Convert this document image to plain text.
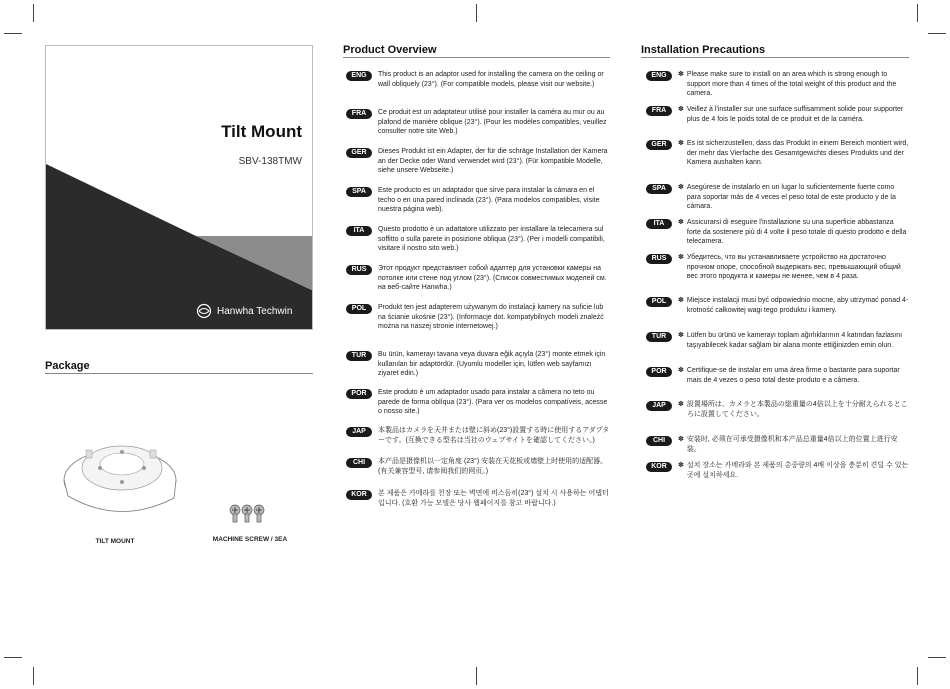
Tilt Mount
SBV-138TMW
Hanwha Techwin
Package
TILT MOUNT	MACHINE SCREW / 3EA
Product Overview
ENG	This product is an adaptor used for installing the camera on the ceiling or wall obliquely (23°). (For compatible models, please visit our website.)
FRA	Ce produit est un adaptateur utilisé pour installer la caméra au mur ou au plafond de manière oblique (23°). (Pour les modèles compatibles, veuillez consulter notre site Web.)
GER	Dieses Produkt ist ein Adapter, der für die schräge Installation der Kamera an der Decke oder Wand verwendet wird (23°). (Für kompatible Modelle, siehe unsere Webseite.)
SPA	Este producto es un adaptador que sirve para instalar la cámara en el techo o en una pared inclinada (23°). (Para modelos compatibles, visite nuestra página web).
ITA	Questo prodotto è un adattatore utilizzato per installare la telecamera sul soffitto o sulla parete in posizione obliqua (23°). (Per i modelli compatibili, visitare il nostro sito web.)
RUS	Этот продукт представляет собой адаптер для установки камеры на потолке или стене под углом (23°). (Список совместимых моделей см. на веб-сайте Hanwha.)
POL	Produkt ten jest adapterem używanym do instalacji kamery na suficie lub na ścianie ukośnie (23°). (Informacje dot. kompatybilnych modeli znaleźć można na naszej stronie internetowej.)
TUR	Bu ürün, kamerayı tavana veya duvara eğik açıyla (23°) monte etmek için kullanılan bir adaptördür. (Uyumlu modeller için, lütfen web sayfamızı ziyaret edin.)
POR	Este produto é um adaptador usado para instalar a câmera no teto ou parede de forma oblíqua (23°). (Para ver os modelos compatíveis, acesse o nosso site.)
JAP	本製品はカメラを天井または壁に斜め(23°)設置する時に使用するアダプターです。(互換できる型名は当社のウェブサイトを確認してください。)
CHI	本产品是摄像机以一定角度 (23°) 安装在天花板或墙壁上时使用的适配器。(有关兼容型号, 请参阅我们的网页。)
KOR	본 제품은 카메라를 천장 또는 벽면에 비스듬히(23°) 설치 시 사용하는 어댑터입니다. (호환 가능 모델은 당사 웹페이지를 참고 바랍니다.)
Installation Precautions
ENG	✽ Please make sure to install on an area which is strong enough to support more than 4 times of the total weight of this product and the camera.
FRA	✽ Veillez à l'installer sur une surface suffisamment solide pour supporter plus de 4 fois le poids total de ce produit et de la caméra.
GER	✽ Es ist sicherzustellen, dass das Produkt in einem Bereich montiert wird, der mehr das Vierfache des Gesamtgewichts dieses Produkts und der Kamera aushalten kann.
SPA	✽ Asegúrese de instalarlo en un lugar lo suficientemente fuerte como para soportar más de 4 veces el peso total de este producto y de la cámara.
ITA	✽ Assicurarsi di eseguire l'installazione su una superficie abbastanza forte da sostenere più di 4 volte il peso totale di questo prodotto e della telecamera.
RUS	✽ Убедитесь, что вы устанавливаете устройство на достаточно прочном опоре, способной выдержать вес, превышающий общий вес этого продукта и камеры не менее, чем в 4 раза.
POL	✽ Miejsce instalacji musi być odpowiednio mocne, aby utrzymać ponad 4-krotność całkowitej wagi tego produktu i kamery.
TUR	✽ Lütfen bu ürünü ve kamerayı toplam ağırlıklarının 4 katından fazlasını taşıyabilecek kadar sağlam bir alana monte ettiğinizden emin olun.
POR	✽ Certifique-se de instalar em uma área firme o bastante para suportar mais de 4 vezes o peso total deste produto e a câmera.
JAP	✽ 設置場所は、カメラと本製品の総重量の4倍以上を十分耐えられるところに設置してください。
CHI	✽ 安装时, 必须在可承受摄像机和本产品总重量4倍以上的位置上进行安装。
KOR	✽ 설치 장소는 카메라와 본 제품의 총중량의 4배 이상을 충분히 견딜 수 있는 곳에 설치하세요.
